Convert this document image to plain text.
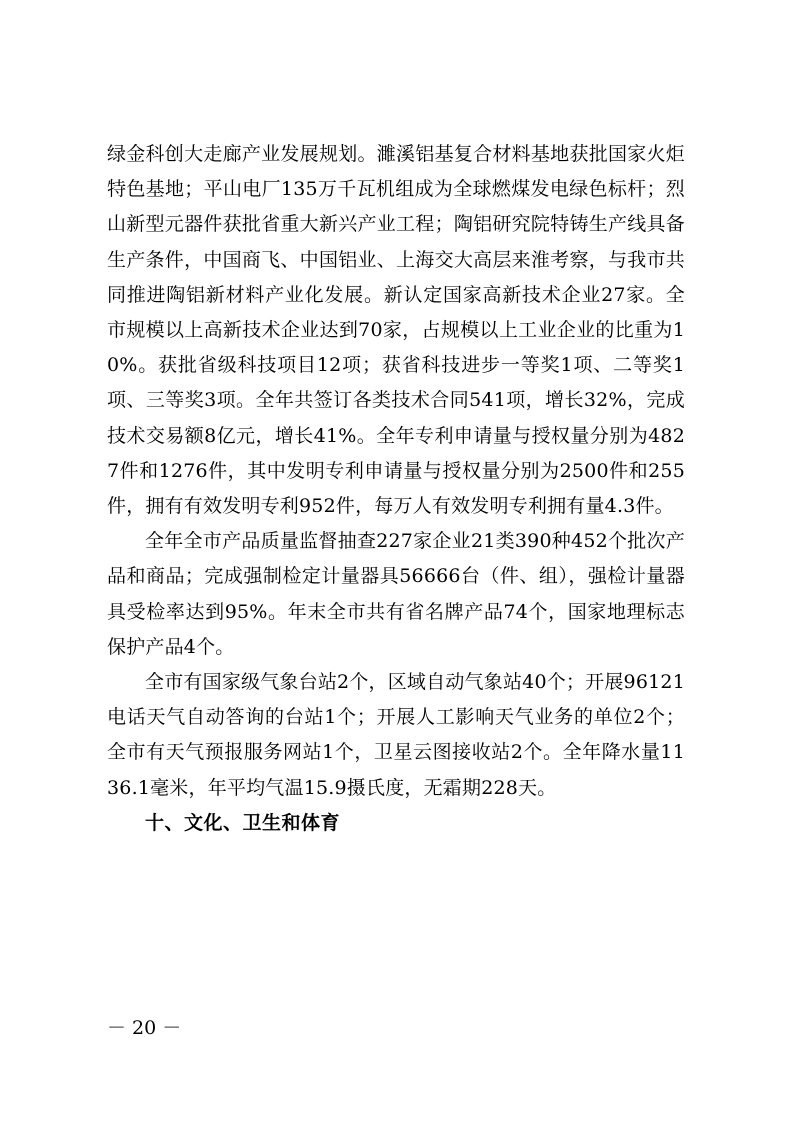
绿金科创大走廊产业发展规划。濉溪铝基复合材料基地获批国家火炬特色基地；平山电厂135万千瓦机组成为全球燃煤发电绿色标杆；烈山新型元器件获批省重大新兴产业工程；陶铝研究院特铸生产线具备生产条件，中国商飞、中国铝业、上海交大高层来淮考察，与我市共同推进陶铝新材料产业化发展。新认定国家高新技术企业27家。全市规模以上高新技术企业达到70家，占规模以上工业企业的比重为10%。获批省级科技项目12项；获省科技进步一等奖1项、二等奖1项、三等奖3项。全年共签订各类技术合同541项，增长32%，完成技术交易额8亿元，增长41%。全年专利申请量与授权量分别为4827件和1276件，其中发明专利申请量与授权量分别为2500件和255件，拥有有效发明专利952件，每万人有效发明专利拥有量4.3件。

全年全市产品质量监督抽查227家企业21类390种452个批次产品和商品；完成强制检定计量器具56666台（件、组），强检计量器具受检率达到95%。年末全市共有省名牌产品74个，国家地理标志保护产品4个。

全市有国家级气象台站2个，区域自动气象站40个；开展96121电话天气自动答询的台站1个；开展人工影响天气业务的单位2个；全市有天气预报服务网站1个，卫星云图接收站2个。全年降水量1136.1毫米，年平均气温15.9摄氏度，无霜期228天。

十、文化、卫生和体育
－ 20 －
